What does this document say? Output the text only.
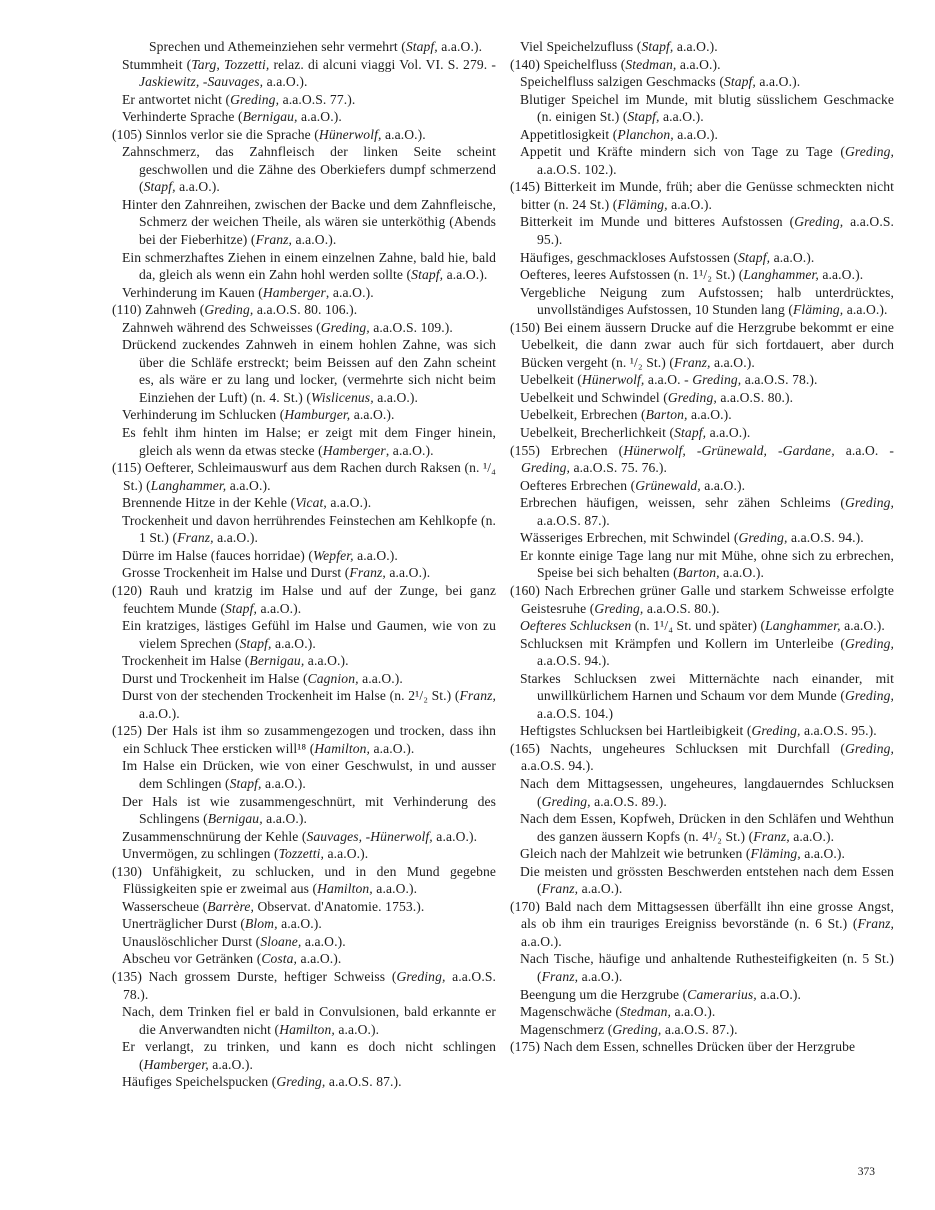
Sprechen und Athemeinziehen sehr vermehrt (Stapf, a.a.O.).

Stummheit (Targ, Tozzetti, relaz. di alcuni viaggi Vol. VI. S. 279. - Jaskiewitz, -Sauvages, a.a.O.).

Er antwortet nicht (Greding, a.a.O.S. 77.).

Verhinderte Sprache (Bernigau, a.a.O.).

(105) Sinnlos verlor sie die Sprache (Hünerwolf, a.a.O.).

Zahnschmerz, das Zahnfleisch der linken Seite scheint geschwollen und die Zähne des Oberkiefers dumpf schmerzend (Stapf, a.a.O.).

Hinter den Zahnreihen, zwischen der Backe und dem Zahnfleische, Schmerz der weichen Theile, als wären sie unterköthig (Abends bei der Fieberhitze) (Franz, a.a.O.).

Ein schmerzhaftes Ziehen in einem einzelnen Zahne, bald hie, bald da, gleich als wenn ein Zahn hohl werden sollte (Stapf, a.a.O.).

Verhinderung im Kauen (Hamberger, a.a.O.).

(110) Zahnweh (Greding, a.a.O.S. 80. 106.).

Zahnweh während des Schweisses (Greding, a.a.O.S. 109.).

Drückend zuckendes Zahnweh in einem hohlen Zahne, was sich über die Schläfe erstreckt; beim Beissen auf den Zahn scheint es, als wäre er zu lang und locker, (vermehrte sich nicht beim Einziehen der Luft) (n. 4. St.) (Wislicenus, a.a.O.).

Verhinderung im Schlucken (Hamburger, a.a.O.).

Es fehlt ihm hinten im Halse; er zeigt mit dem Finger hinein, gleich als wenn da etwas stecke (Hamberger, a.a.O.).

(115) Oefterer, Schleimauswurf aus dem Rachen durch Raksen (n. ¹/₄ St.) (Langhammer, a.a.O.).

Brennende Hitze in der Kehle (Vicat, a.a.O.).

Trockenheit und davon herrührendes Feinstechen am Kehlkopfe (n. 1 St.) (Franz, a.a.O.).

Dürre im Halse (fauces horridae) (Wepfer, a.a.O.).

Grosse Trockenheit im Halse und Durst (Franz, a.a.O.).

(120) Rauh und kratzig im Halse und auf der Zunge, bei ganz feuchtem Munde (Stapf, a.a.O.).

Ein kratziges, lästiges Gefühl im Halse und Gaumen, wie von zu vielem Sprechen (Stapf, a.a.O.).

Trockenheit im Halse (Bernigau, a.a.O.).

Durst und Trockenheit im Halse (Cagnion, a.a.O.).

Durst von der stechenden Trockenheit im Halse (n. 2¹/₂ St.) (Franz, a.a.O.).

(125) Der Hals ist ihm so zusammengezogen und trocken, dass ihn ein Schluck Thee ersticken will¹⁸ (Hamilton, a.a.O.).

Im Halse ein Drücken, wie von einer Geschwulst, in und ausser dem Schlingen (Stapf, a.a.O.).

Der Hals ist wie zusammengeschnürt, mit Verhinderung des Schlingens (Bernigau, a.a.O.).

Zusammenschnürung der Kehle (Sauvages, -Hünerwolf, a.a.O.).

Unvermögen, zu schlingen (Tozzetti, a.a.O.).

(130) Unfähigkeit, zu schlucken, und in den Mund gegebne Flüssigkeiten spie er zweimal aus (Hamilton, a.a.O.).

Wasserscheue (Barrère, Observat. d'Anatomie. 1753.).

Unerträglicher Durst (Blom, a.a.O.).

Unauslöschlicher Durst (Sloane, a.a.O.).

Abscheu vor Getränken (Costa, a.a.O.).

(135) Nach grossem Durste, heftiger Schweiss (Greding, a.a.O.S. 78.).

Nach, dem Trinken fiel er bald in Convulsionen, bald erkannte er die Anverwandten nicht (Hamilton, a.a.O.).

Er verlangt, zu trinken, und kann es doch nicht schlingen (Hamberger, a.a.O.).

Häufiges Speichelspucken (Greding, a.a.O.S. 87.).

Viel Speichelzufluss (Stapf, a.a.O.).

(140) Speichelfluss (Stedman, a.a.O.).

Speichelfluss salzigen Geschmacks (Stapf, a.a.O.).

Blutiger Speichel im Munde, mit blutig süsslichem Geschmacke (n. einigen St.) (Stapf, a.a.O.).

Appetitlosigkeit (Planchon, a.a.O.).

Appetit und Kräfte mindern sich von Tage zu Tage (Greding, a.a.O.S. 102.).

(145) Bitterkeit im Munde, früh; aber die Genüsse schmeckten nicht bitter (n. 24 St.) (Fläming, a.a.O.).

Bitterkeit im Munde und bitteres Aufstossen (Greding, a.a.O.S. 95.).

Häufiges, geschmackloses Aufstossen (Stapf, a.a.O.).

Oefteres, leeres Aufstossen (n. 1¹/₂ St.) (Langhammer, a.a.O.).

Vergebliche Neigung zum Aufstossen; halb unterdrücktes, unvollständiges Aufstossen, 10 Stunden lang (Fläming, a.a.O.).

(150) Bei einem äussern Drucke auf die Herzgrube bekommt er eine Uebelkeit, die dann zwar auch für sich fortdauert, aber durch Bücken vergeht (n. ¹/₂ St.) (Franz, a.a.O.).

Uebelkeit (Hünerwolf, a.a.O. - Greding, a.a.O.S. 78.).

Uebelkeit und Schwindel (Greding, a.a.O.S. 80.).

Uebelkeit, Erbrechen (Barton, a.a.O.).

Uebelkeit, Brecherlichkeit (Stapf, a.a.O.).

(155) Erbrechen (Hünerwolf, -Grünewald, -Gardane, a.a.O. - Greding, a.a.O.S. 75. 76.).

Oefteres Erbrechen (Grünewald, a.a.O.).

Erbrechen häufigen, weissen, sehr zähen Schleims (Greding, a.a.O.S. 87.).

Wässeriges Erbrechen, mit Schwindel (Greding, a.a.O.S. 94.).

Er konnte einige Tage lang nur mit Mühe, ohne sich zu erbrechen, Speise bei sich behalten (Barton, a.a.O.).

(160) Nach Erbrechen grüner Galle und starkem Schweisse erfolgte Geistesruhe (Greding, a.a.O.S. 80.).

Oefteres Schlucksen (n. 1¹/₄ St. und später) (Langhammer, a.a.O.).

Schlucksen mit Krämpfen und Kollern im Unterleibe (Greding, a.a.O.S. 94.).

Starkes Schlucksen zwei Mitternächte nach einander, mit unwillkürlichem Harnen und Schaum vor dem Munde (Greding, a.a.O.S. 104.)

Heftigstes Schlucksen bei Hartleibigkeit (Greding, a.a.O.S. 95.).

(165) Nachts, ungeheures Schlucksen mit Durchfall (Greding, a.a.O.S. 94.).

Nach dem Mittagsessen, ungeheures, langdauerndes Schlucksen (Greding, a.a.O.S. 89.).

Nach dem Essen, Kopfweh, Drücken in den Schläfen und Wehthun des ganzen äussern Kopfs (n. 4¹/₂ St.) (Franz, a.a.O.).

Gleich nach der Mahlzeit wie betrunken (Fläming, a.a.O.).

Die meisten und grössten Beschwerden entstehen nach dem Essen (Franz, a.a.O.).

(170) Bald nach dem Mittagsessen überfällt ihn eine grosse Angst, als ob ihm ein trauriges Ereigniss bevorstände (n. 6 St.) (Franz, a.a.O.).

Nach Tische, häufige und anhaltende Ruthesteifigkeiten (n. 5 St.) (Franz, a.a.O.).

Beengung um die Herzgrube (Camerarius, a.a.O.).

Magenschwäche (Stedman, a.a.O.).

Magenschmerz (Greding, a.a.O.S. 87.).

(175) Nach dem Essen, schnelles Drücken über der Herzgrube

373
